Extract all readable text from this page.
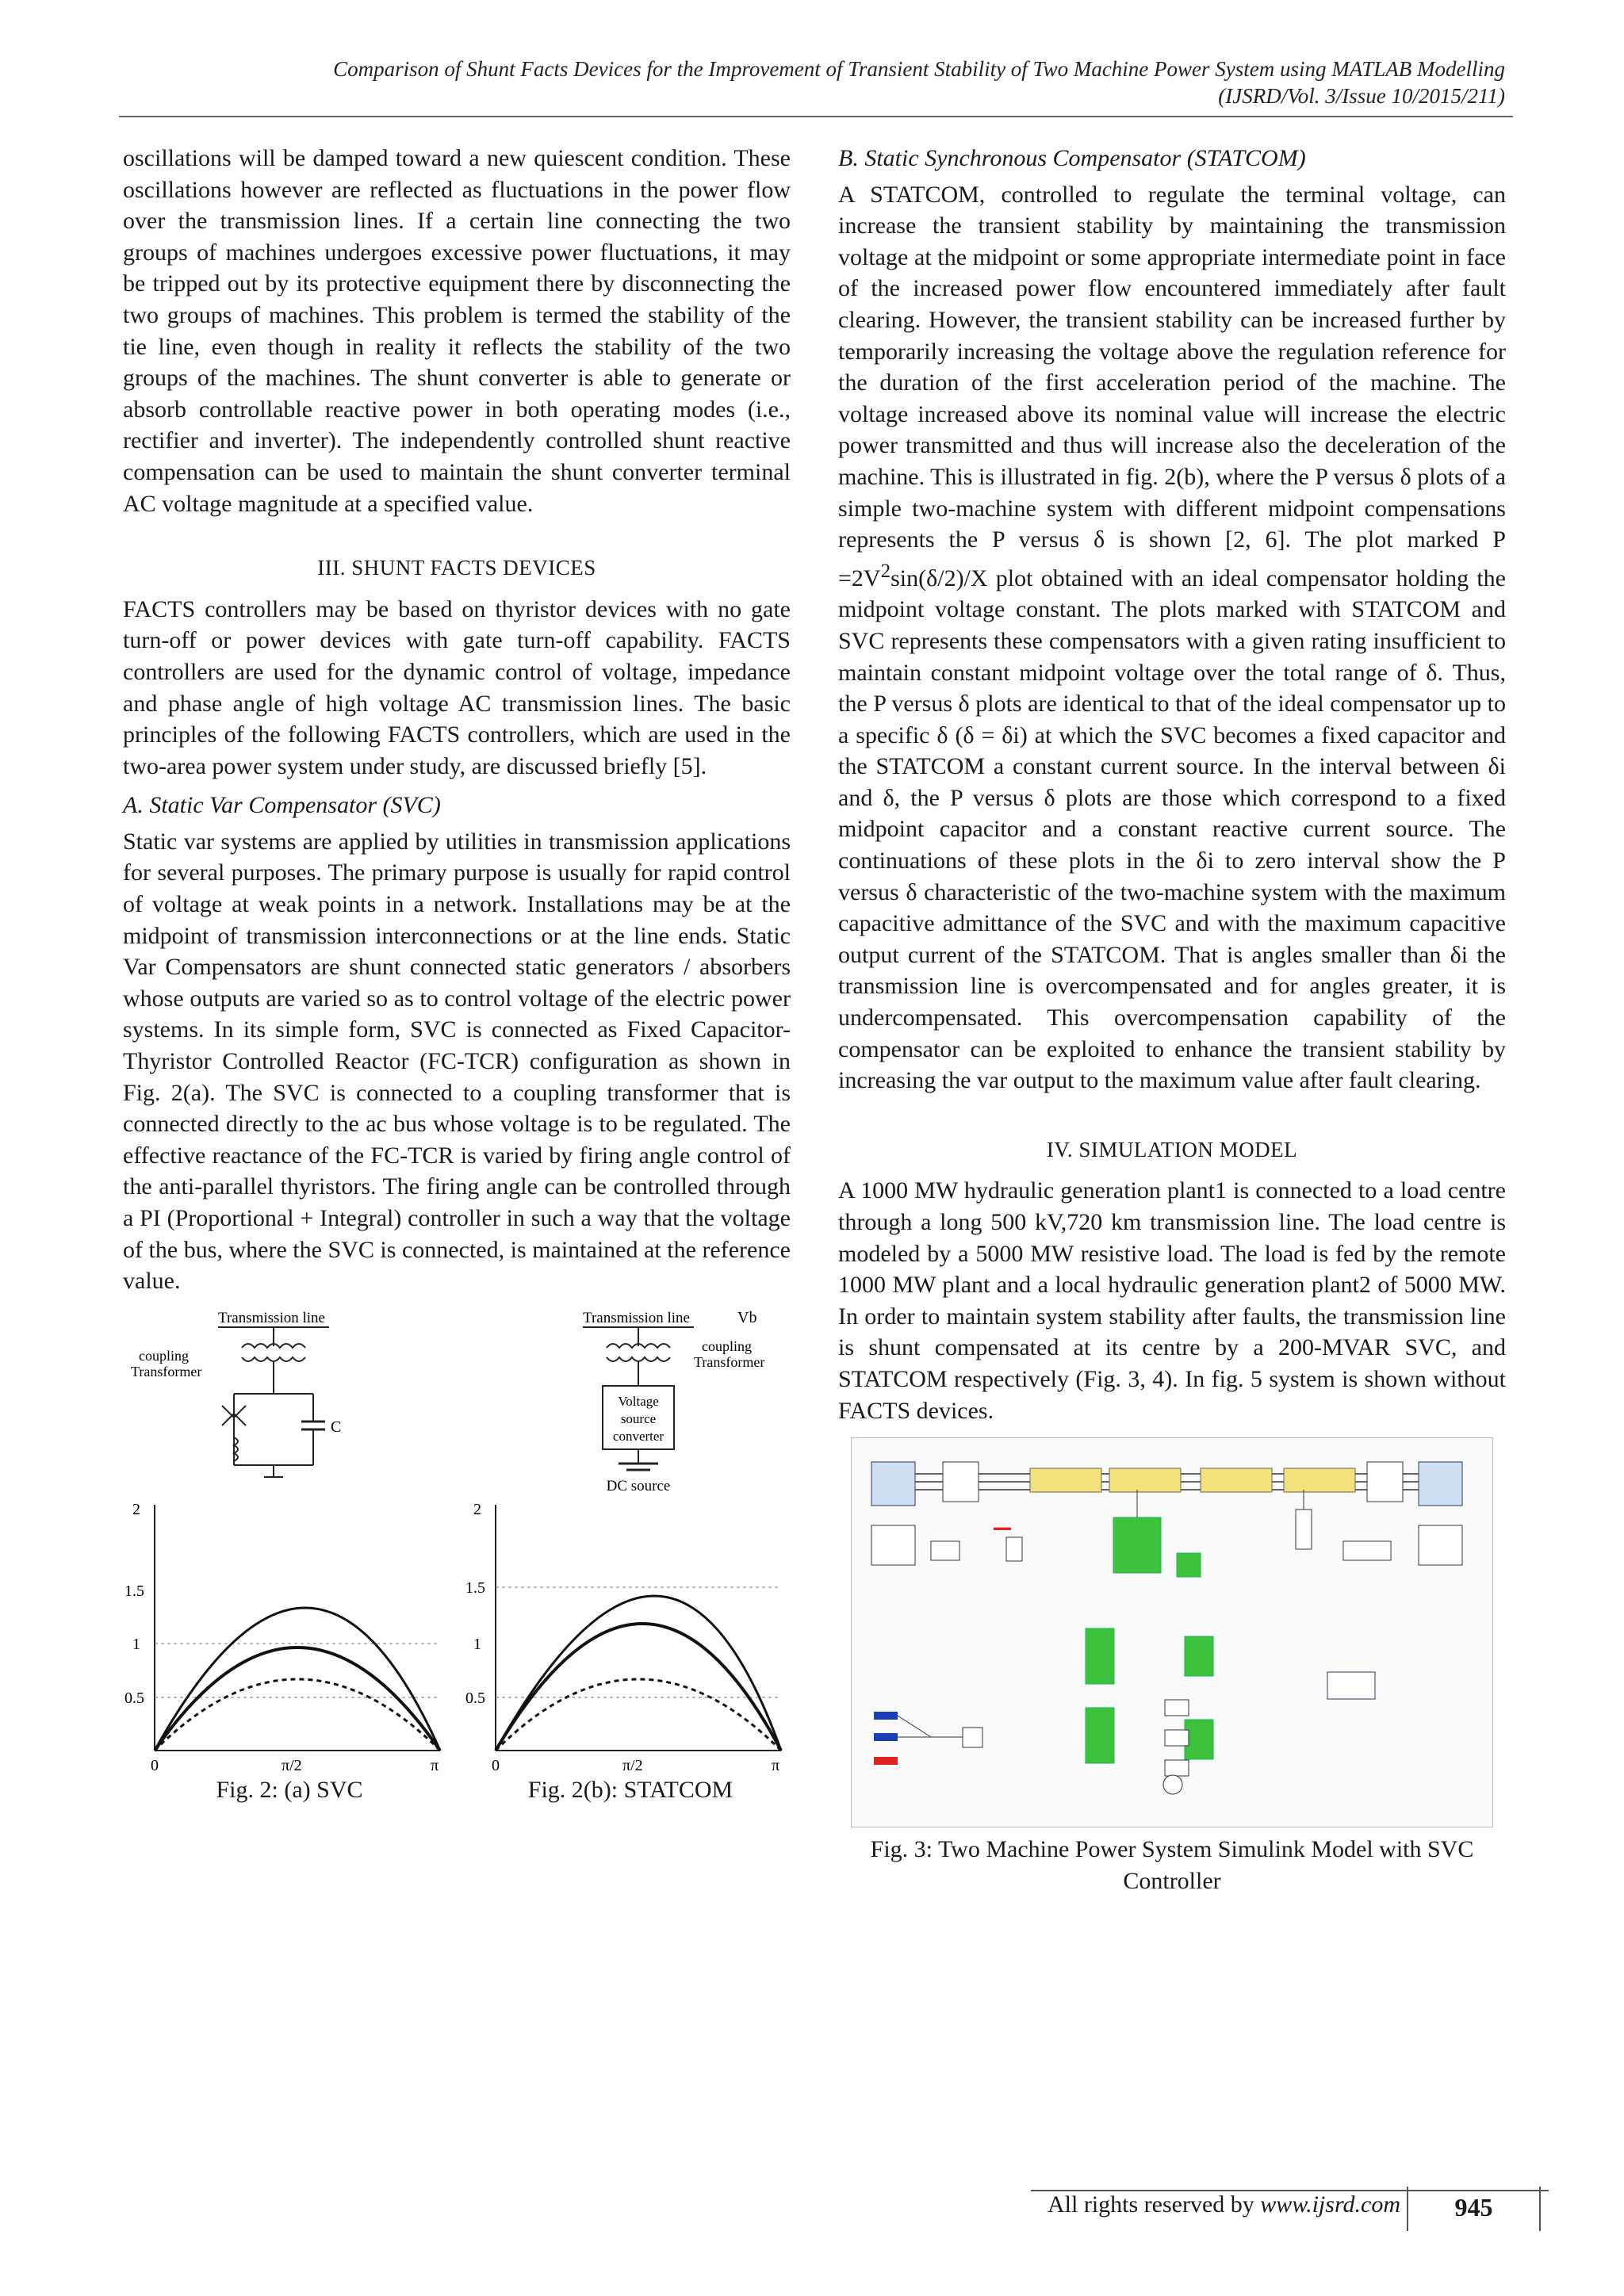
Comparison of Shunt Facts Devices for the Improvement of Transient Stability of Two Machine Power System using MATLAB Modelling
(IJSRD/Vol. 3/Issue 10/2015/211)

oscillations will be damped toward a new quiescent condition. These oscillations however are reflected as fluctuations in the power flow over the transmission lines. If a certain line connecting the two groups of machines undergoes excessive power fluctuations, it may be tripped out by its protective equipment there by disconnecting the two groups of machines. This problem is termed the stability of the tie line, even though in reality it reflects the stability of the two groups of the machines. The shunt converter is able to generate or absorb controllable reactive power in both operating modes (i.e., rectifier and inverter). The independently controlled shunt reactive compensation can be used to maintain the shunt converter terminal AC voltage magnitude at a specified value.

III. SHUNT FACTS DEVICES

FACTS controllers may be based on thyristor devices with no gate turn-off or power devices with gate turn-off capability. FACTS controllers are used for the dynamic control of voltage, impedance and phase angle of high voltage AC transmission lines. The basic principles of the following FACTS controllers, which are used in the two-area power system under study, are discussed briefly [5].

A. Static Var Compensator (SVC)

Static var systems are applied by utilities in transmission applications for several purposes. The primary purpose is usually for rapid control of voltage at weak points in a network. Installations may be at the midpoint of transmission interconnections or at the line ends. Static Var Compensators are shunt connected static generators / absorbers whose outputs are varied so as to control voltage of the electric power systems. In its simple form, SVC is connected as Fixed Capacitor-Thyristor Controlled Reactor (FC-TCR) configuration as shown in Fig. 2(a). The SVC is connected to a coupling transformer that is connected directly to the ac bus whose voltage is to be regulated. The effective reactance of the FC-TCR is varied by firing angle control of the anti-parallel thyristors. The firing angle can be controlled through a PI (Proportional + Integral) controller in such a way that the voltage of the bus, where the SVC is connected, is maintained at the reference value.

Transmission line
coupling
Transformer
C
2
1.5
1
0.5
0	π/2	π
Fig. 2: (a) SVC
Transmission line	Vb
coupling
Transformer
Voltage
source
converter
DC source
2
1.5
1
0.5
0	π/2	π
Fig. 2(b): STATCOM
B. Static Synchronous Compensator (STATCOM)

A STATCOM, controlled to regulate the terminal voltage, can increase the transient stability by maintaining the transmission voltage at the midpoint or some appropriate intermediate point in face of the increased power flow encountered immediately after fault clearing. However, the transient stability can be increased further by temporarily increasing the voltage above the regulation reference for the duration of the first acceleration period of the machine. The voltage increased above its nominal value will increase the electric power transmitted and thus will increase also the deceleration of the machine. This is illustrated in fig. 2(b), where the P versus δ plots of a simple two-machine system with different midpoint compensations represents the P versus δ is shown [2, 6]. The plot marked $P =2V^2\sin(\delta/2)/X$ plot obtained with an ideal compensator holding the midpoint voltage constant. The plots marked with STATCOM and SVC represents these compensators with a given rating insufficient to maintain constant midpoint voltage over the total range of δ. Thus, the P versus δ plots are identical to that of the ideal compensator up to a specific δ (δ = δi) at which the SVC becomes a fixed capacitor and the STATCOM a constant current source. In the interval between δi and δ, the P versus δ plots are those which correspond to a fixed midpoint capacitor and a constant reactive current source. The continuations of these plots in the δi to zero interval show the P versus δ characteristic of the two-machine system with the maximum capacitive admittance of the SVC and with the maximum capacitive output current of the STATCOM. That is angles smaller than δi the transmission line is overcompensated and for angles greater, it is undercompensated. This overcompensation capability of the compensator can be exploited to enhance the transient stability by increasing the var output to the maximum value after fault clearing.

IV. SIMULATION MODEL

A 1000 MW hydraulic generation plant1 is connected to a load centre through a long 500 kV,720 km transmission line. The load centre is modeled by a 5000 MW resistive load. The load is fed by the remote 1000 MW plant and a local hydraulic generation plant2 of 5000 MW. In order to maintain system stability after faults, the transmission line is shunt compensated at its centre by a 200-MVAR SVC, and STATCOM respectively (Fig. 3, 4). In fig. 5 system is shown without FACTS devices.

▬▬
Fig. 3: Two Machine Power System Simulink Model with SVC Controller
All rights reserved by www.ijsrd.com	945
